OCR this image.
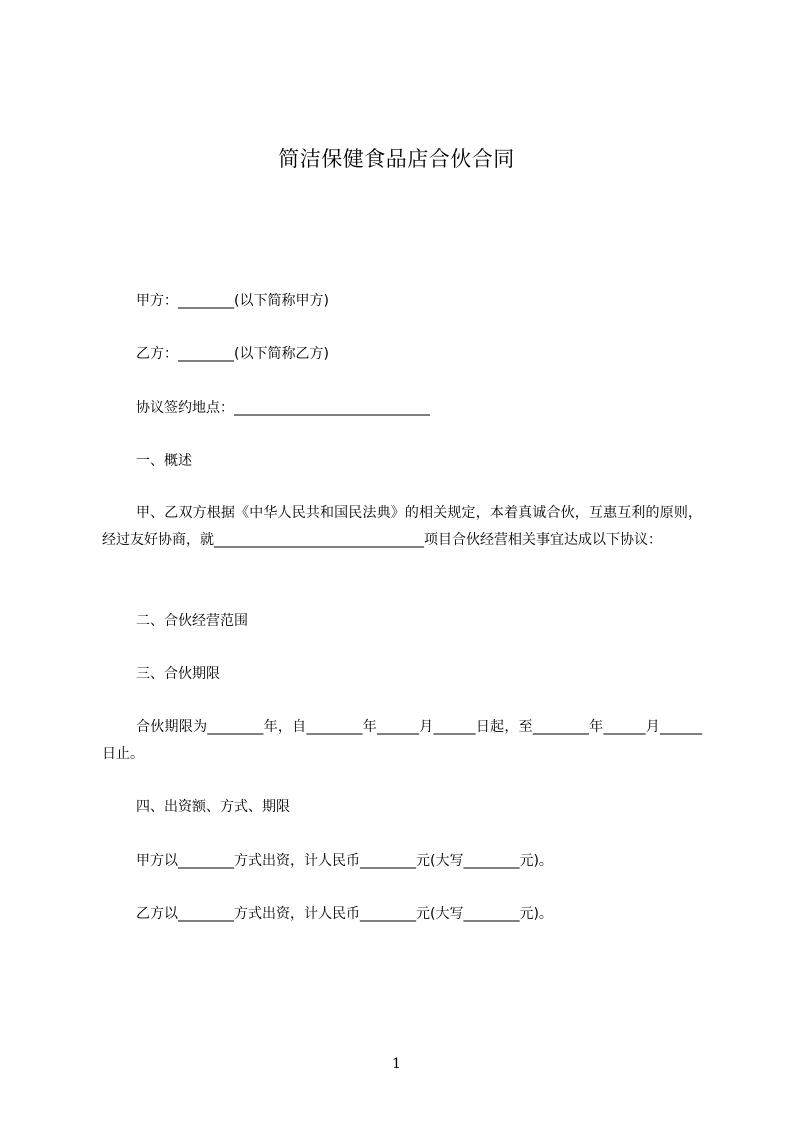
简洁保健食品店合伙合同
甲方：________(以下简称甲方)
乙方：________(以下简称乙方)
协议签约地点：____________________________
一、概述
甲、乙双方根据《中华人民共和国民法典》的相关规定，本着真诚合伙，互惠互利的原则，经过友好协商，就______________________________项目合伙经营相关事宜达成以下协议：
二、合伙经营范围
三、合伙期限
合伙期限为________年，自________年______月______日起，至________年______月______日止。
四、出资额、方式、期限
甲方以________方式出资，计人民币________元(大写________元)。
乙方以________方式出资，计人民币________元(大写________元)。
1
